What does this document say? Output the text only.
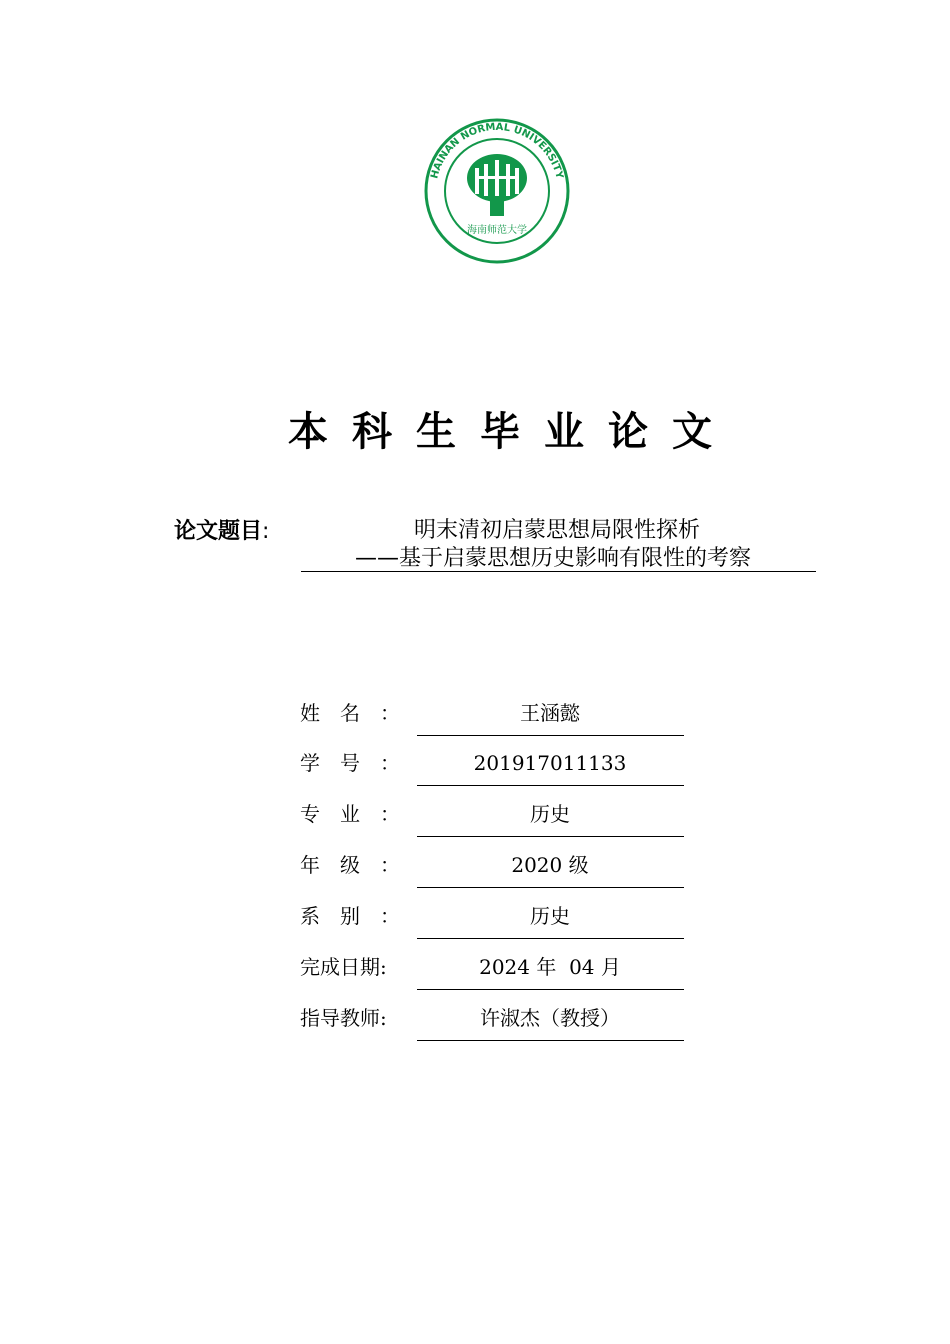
HAINAN NORMAL UNIVERSITY
海南师范大学
本 科 生 毕 业 论 文
论文题目:	明末清初启蒙思想局限性探析
——基于启蒙思想历史影响有限性的考察
姓　名　：	王涵懿
学　号　：	201917011133
专　业　：	历史
年　级　：	2020 级
系　别　：	历史
完成日期:	2024 年  04 月
指导教师:	许淑杰（教授）
